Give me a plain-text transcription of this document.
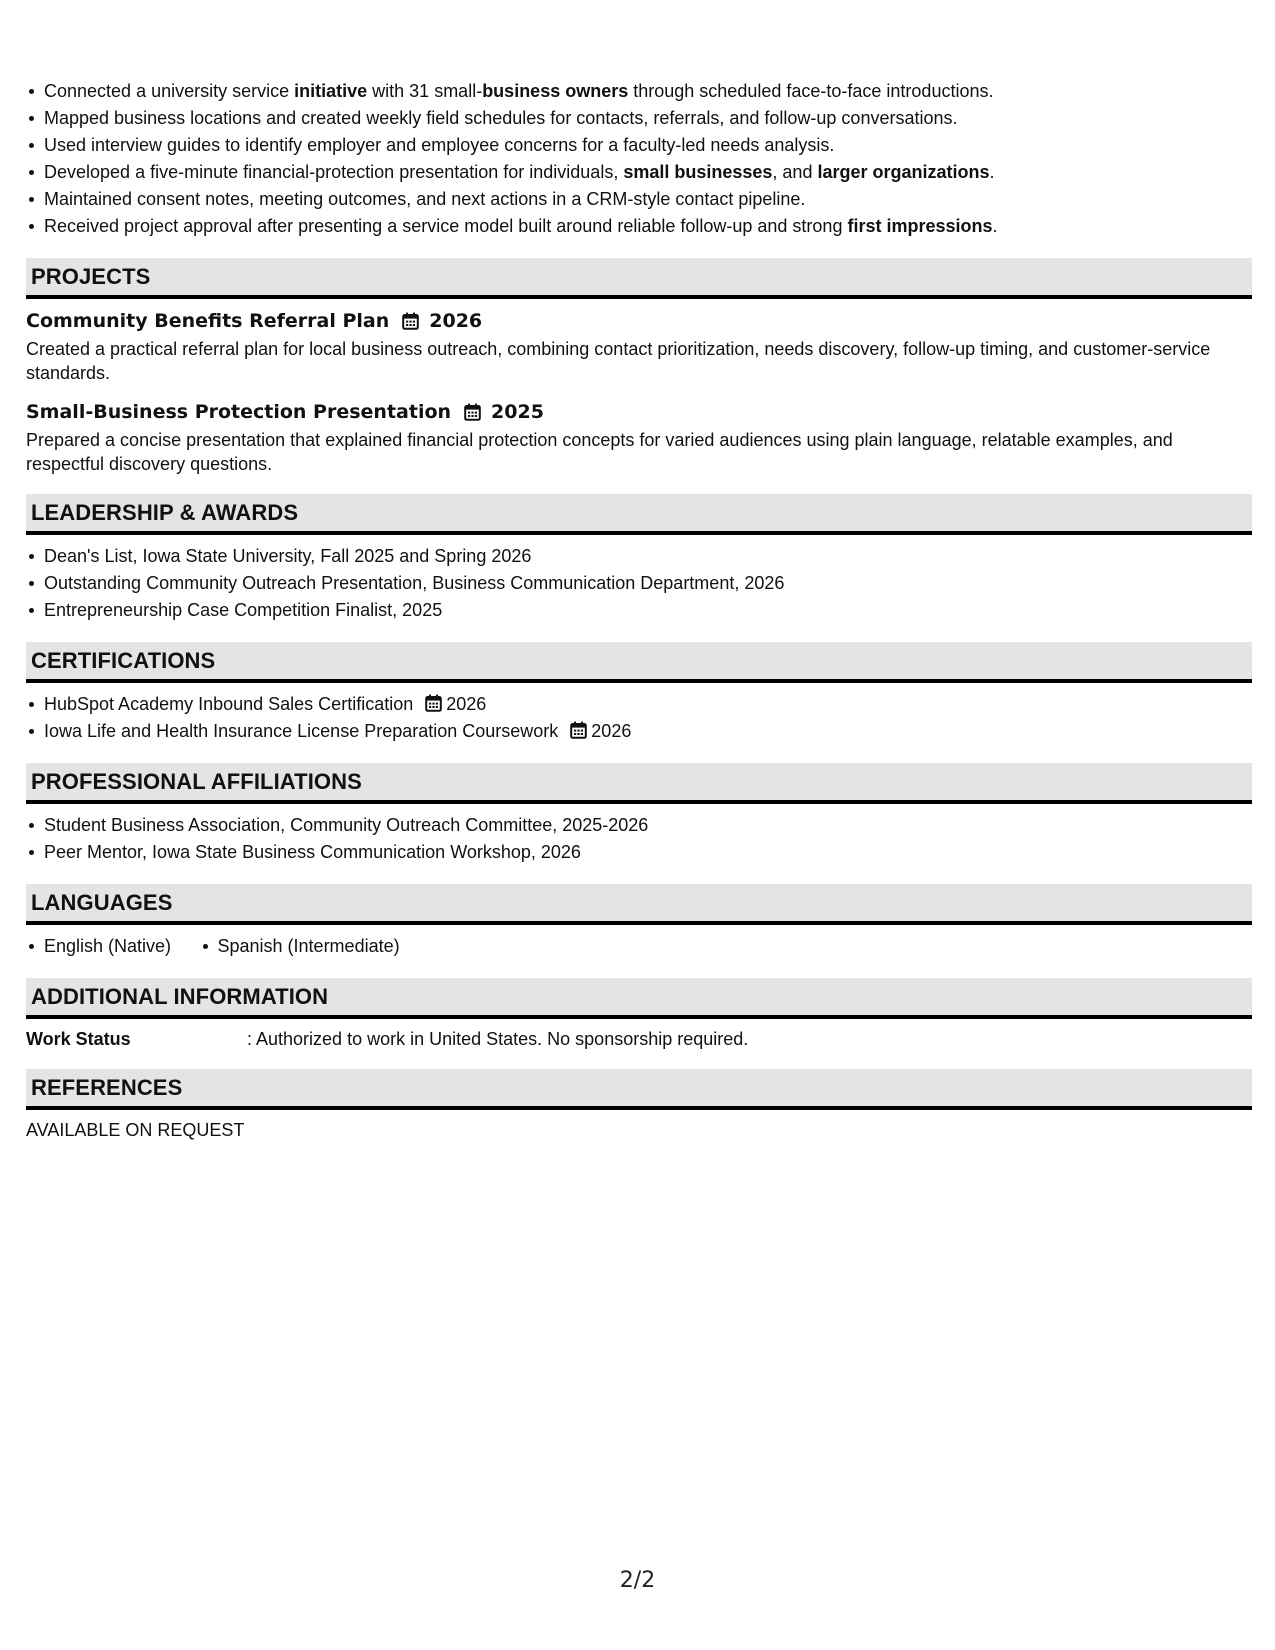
Connected a university service initiative with 31 small-business owners through scheduled face-to-face introductions.
Mapped business locations and created weekly field schedules for contacts, referrals, and follow-up conversations.
Used interview guides to identify employer and employee concerns for a faculty-led needs analysis.
Developed a five-minute financial-protection presentation for individuals, small businesses, and larger organizations.
Maintained consent notes, meeting outcomes, and next actions in a CRM-style contact pipeline.
Received project approval after presenting a service model built around reliable follow-up and strong first impressions.
PROJECTS
Community Benefits Referral Plan 2026
Created a practical referral plan for local business outreach, combining contact prioritization, needs discovery, follow-up timing, and customer-service standards.
Small-Business Protection Presentation 2025
Prepared a concise presentation that explained financial protection concepts for varied audiences using plain language, relatable examples, and respectful discovery questions.
LEADERSHIP & AWARDS
Dean's List, Iowa State University, Fall 2025 and Spring 2026
Outstanding Community Outreach Presentation, Business Communication Department, 2026
Entrepreneurship Case Competition Finalist, 2025
CERTIFICATIONS
HubSpot Academy Inbound Sales Certification 2026
Iowa Life and Health Insurance License Preparation Coursework 2026
PROFESSIONAL AFFILIATIONS
Student Business Association, Community Outreach Committee, 2025-2026
Peer Mentor, Iowa State Business Communication Workshop, 2026
LANGUAGES
English (Native)	Spanish (Intermediate)
ADDITIONAL INFORMATION
Work Status	: Authorized to work in United States. No sponsorship required.
REFERENCES
AVAILABLE ON REQUEST
2/2
